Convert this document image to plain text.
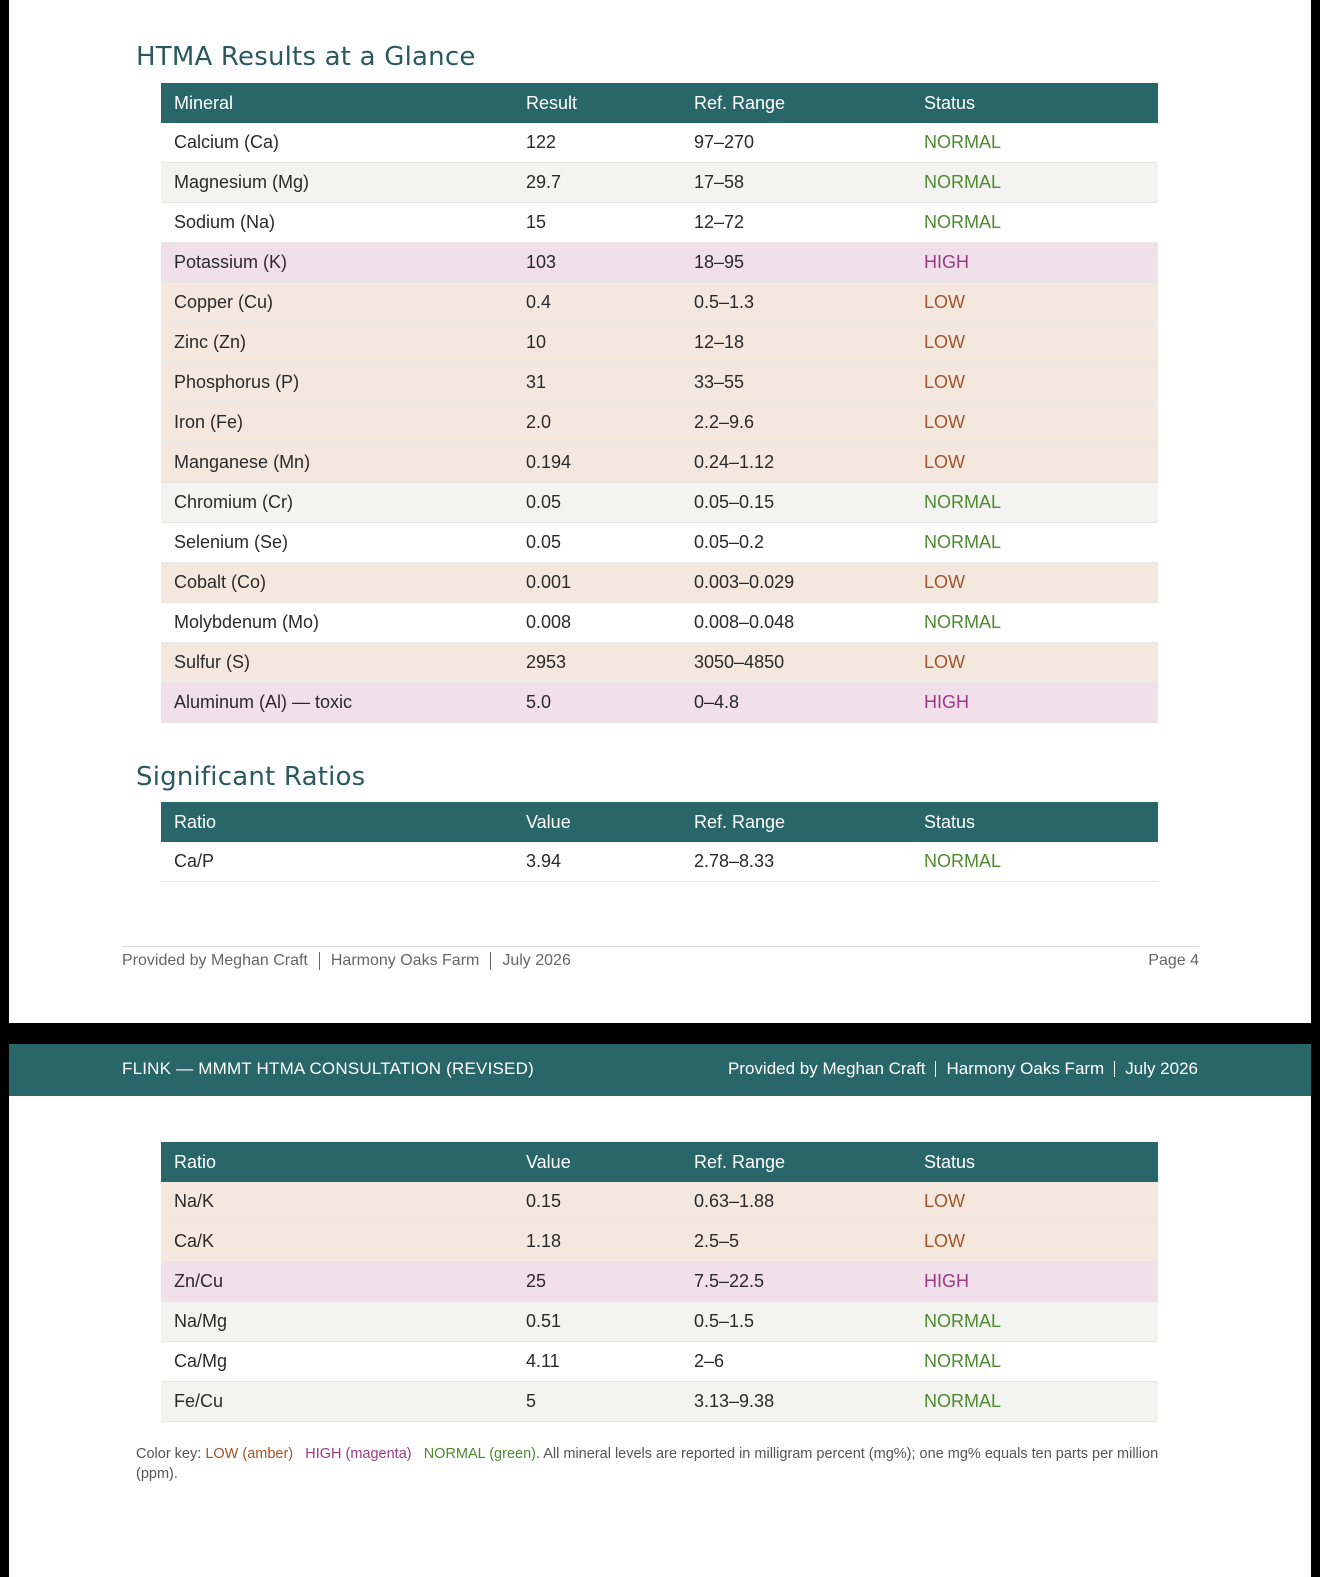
HTMA Results at a Glance
Mineral	Result	Ref. Range	Status
Calcium (Ca)	122	97–270	NORMAL
Magnesium (Mg)	29.7	17–58	NORMAL
Sodium (Na)	15	12–72	NORMAL
Potassium (K)	103	18–95	HIGH
Copper (Cu)	0.4	0.5–1.3	LOW
Zinc (Zn)	10	12–18	LOW
Phosphorus (P)	31	33–55	LOW
Iron (Fe)	2.0	2.2–9.6	LOW
Manganese (Mn)	0.194	0.24–1.12	LOW
Chromium (Cr)	0.05	0.05–0.15	NORMAL
Selenium (Se)	0.05	0.05–0.2	NORMAL
Cobalt (Co)	0.001	0.003–0.029	LOW
Molybdenum (Mo)	0.008	0.008–0.048	NORMAL
Sulfur (S)	2953	3050–4850	LOW
Aluminum (Al) — toxic	5.0	0–4.8	HIGH
Significant Ratios
Ratio	Value	Ref. Range	Status
Ca/P	3.94	2.78–8.33	NORMAL
Provided by Meghan Craft Harmony Oaks Farm July 2026	Page 4
FLINK — MMMT HTMA CONSULTATION (REVISED)	Provided by Meghan Craft Harmony Oaks Farm July 2026
Ratio	Value	Ref. Range	Status
Na/K	0.15	0.63–1.88	LOW
Ca/K	1.18	2.5–5	LOW
Zn/Cu	25	7.5–22.5	HIGH
Na/Mg	0.51	0.5–1.5	NORMAL
Ca/Mg	4.11	2–6	NORMAL
Fe/Cu	5	3.13–9.38	NORMAL
Color key: LOW (amber) HIGH (magenta) NORMAL (green). All mineral levels are reported in milligram percent (mg%); one mg% equals ten parts per million (ppm).
